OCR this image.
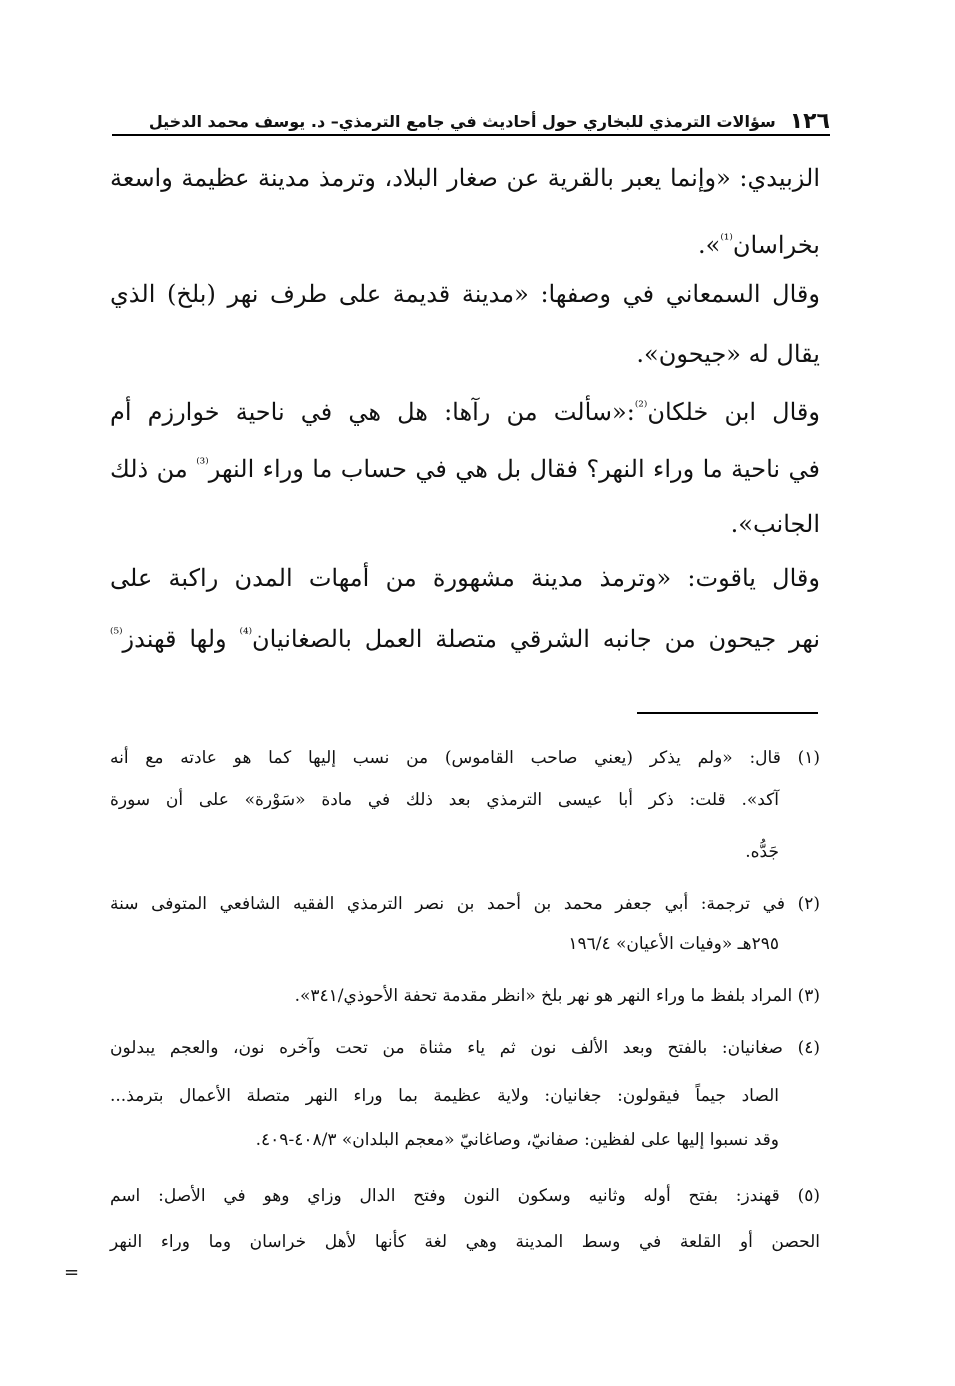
١٢٦
سؤالات الترمذي للبخاري حول أحاديث في جامع الترمذي– د. يوسف محمد الدخيل
الزبيدي: «وإنما يعبر بالقرية عن صغار البلاد، وترمذ مدينة عظيمة واسعة
بخراسان$^{^{(1)}}$».
وقال السمعاني في وصفها: «مدينة قديمة على طرف نهر (بلخ) الذي
يقال له «جيحون».
وقال ابن خلكان$^{^{(2)}}$:«سألت من رآها: هل هي في ناحية خوارزم أم
في ناحية ما وراء النهر؟ فقال بل هي في حساب ما وراء النهر$^{^{(3)}}$ من ذلك
الجانب».
وقال ياقوت: «وترمذ مدينة مشهورة من أمهات المدن راكبة على
نهر جيحون من جانبه الشرقي متصلة العمل بالصغانيان$^{^{(4)}}$ ولها قهندز$^{^{(5)}}$
(١) قال: «ولم يذكر (يعني صاحب القاموس) من نسب إليها كما هو عادته مع أنه
آكد». قلت: ذكر أبا عيسى الترمذي بعد ذلك في مادة «سَوْرة» على أن سورة
جَدُّه.
(٢) في ترجمة: أبي جعفر محمد بن أحمد بن نصر الترمذي الفقيه الشافعي المتوفى سنة
٢٩٥هـ «وفيات الأعيان» ١٩٦/٤
(٣) المراد بلفظ ما وراء النهر هو نهر بلخ «انظر مقدمة تحفة الأحوذي/٣٤١».
(٤) صغانيان: بالفتح وبعد الألف نون ثم ياء مثناة من تحت وآخره نون، والعجم يبدلون
الصاد جيماً فيقولون: جغانيان: ولاية عظيمة بما وراء النهر متصلة الأعمال بترمذ...
وقد نسبوا إليها على لفظين: صفانيّ، وصاغانيّ «معجم البلدان» ٤٠٨/٣-٤٠٩.
(٥) قهندز: بفتح أوله وثانيه وسكون النون وفتح الدال وزاي وهو في الأصل: اسم
الحصن أو القلعة في وسط المدينة وهي لغة كأنها لأهل خراسان وما وراء النهر
=
